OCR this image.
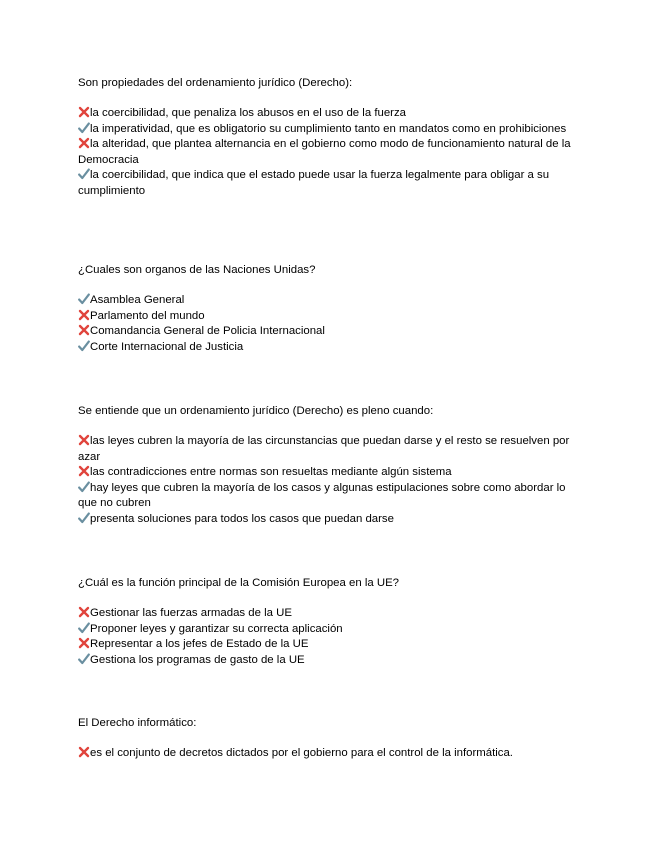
Son propiedades del ordenamiento jurídico (Derecho):

la coercibilidad, que penaliza los abusos en el uso de la fuerza
la imperatividad, que es obligatorio su cumplimiento tanto en mandatos como en prohibiciones
la alteridad, que plantea alternancia en el gobierno como modo de funcionamiento natural de la Democracia
la coercibilidad, que indica que el estado puede usar la fuerza legalmente para obligar a su cumplimiento

¿Cuales son organos de las Naciones Unidas?

Asamblea General
Parlamento del mundo
Comandancia General de Policia Internacional
Corte Internacional de Justicia

Se entiende que un ordenamiento jurídico (Derecho) es pleno cuando:

las leyes cubren la mayoría de las circunstancias que puedan darse y el resto se resuelven por azar
las contradicciones entre normas son resueltas mediante algún sistema
hay leyes que cubren la mayoría de los casos y algunas estipulaciones sobre como abordar lo que no cubren
presenta soluciones para todos los casos que puedan darse

¿Cuál es la función principal de la Comisión Europea en la UE?

Gestionar las fuerzas armadas de la UE
Proponer leyes y garantizar su correcta aplicación
Representar a los jefes de Estado de la UE
Gestiona los programas de gasto de la UE

El Derecho informático:

es el conjunto de decretos dictados por el gobierno para el control de la informática.
